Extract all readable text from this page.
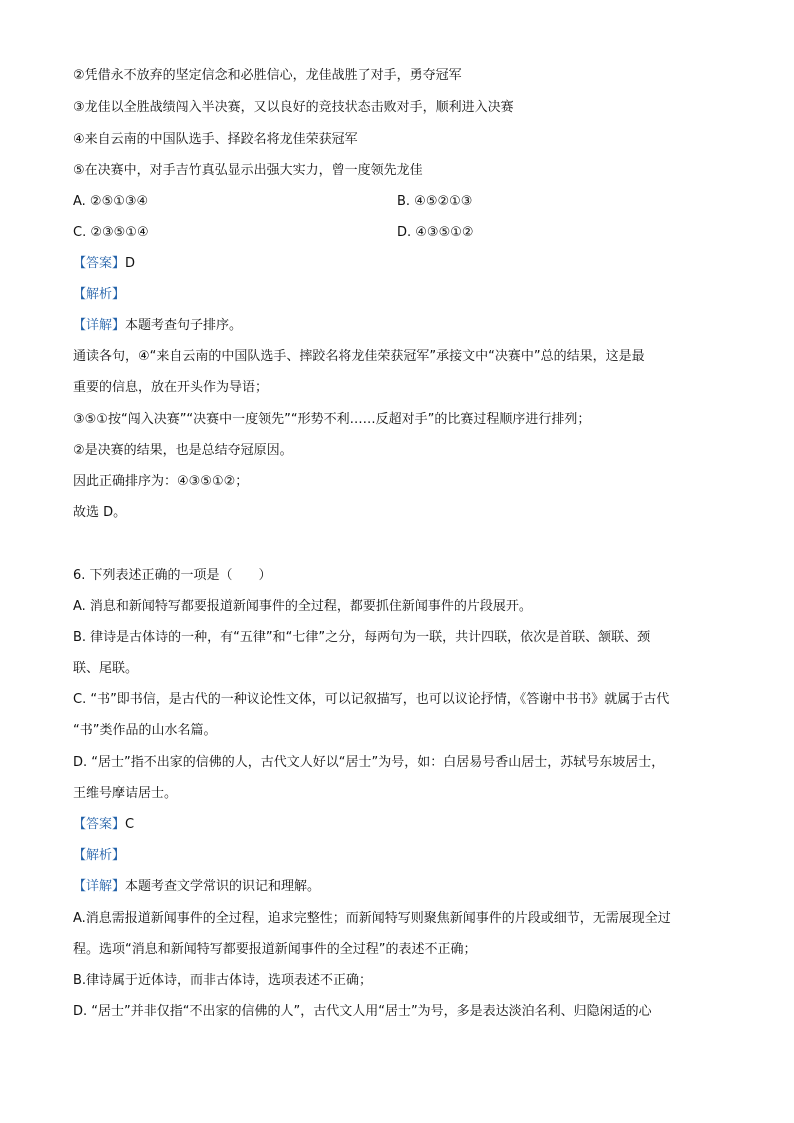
②凭借永不放弃的坚定信念和必胜信心，龙佳战胜了对手，勇夺冠军
③龙佳以全胜战绩闯入半决赛，又以良好的竞技状态击败对手，顺利进入决赛
④来自云南的中国队选手、择跤名将龙佳荣获冠军
⑤在决赛中，对手吉竹真弘显示出强大实力，曾一度领先龙佳
A. ②⑤①③④	B. ④⑤②①③
C. ②③⑤①④	D. ④③⑤①②
【答案】D
【解析】
【详解】本题考查句子排序。
通读各句，④“来自云南的中国队选手、摔跤名将龙佳荣获冠军”承接文中“决赛中”总的结果，这是最
重要的信息，放在开头作为导语；
③⑤①按“闯入决赛”“决赛中一度领先”“形势不利……反超对手”的比赛过程顺序进行排列；
②是决赛的结果，也是总结夺冠原因。
因此正确排序为：④③⑤①②；
故选 D。
6. 下列表述正确的一项是（　　）
A. 消息和新闻特写都要报道新闻事件的全过程，都要抓住新闻事件的片段展开。
B. 律诗是古体诗的一种，有“五律”和“七律”之分，每两句为一联，共计四联，依次是首联、颔联、颈
联、尾联。
C. “书”即书信，是古代的一种议论性文体，可以记叙描写，也可以议论抒情，《答谢中书书》就属于古代
“书”类作品的山水名篇。
D. “居士”指不出家的信佛的人，古代文人好以“居士”为号，如：白居易号香山居士，苏轼号东坡居士，
王维号摩诘居士。
【答案】C
【解析】
【详解】本题考查文学常识的识记和理解。
A.消息需报道新闻事件的全过程，追求完整性；而新闻特写则聚焦新闻事件的片段或细节，无需展现全过
程。选项“消息和新闻特写都要报道新闻事件的全过程”的表述不正确；
B.律诗属于近体诗，而非古体诗，选项表述不正确；
D. “居士”并非仅指“不出家的信佛的人”，古代文人用“居士”为号，多是表达淡泊名利、归隐闲适的心
